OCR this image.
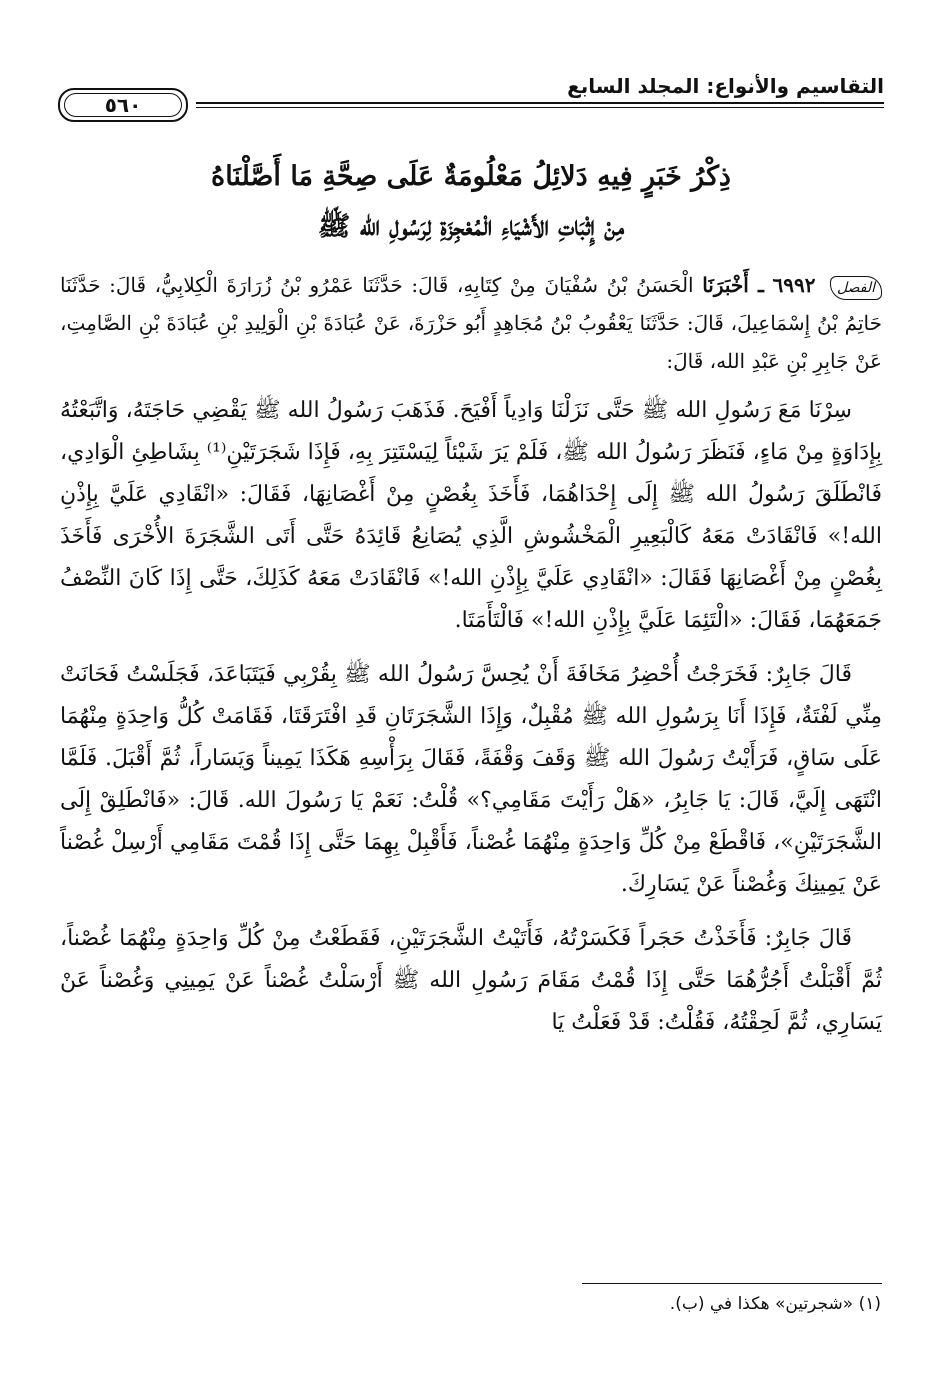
التقاسيم والأنواع: المجلد السابع
٥٦٠
ذِكْرُ خَبَرٍ فِيهِ دَلائِلُ مَعْلُومَةٌ عَلَى صِحَّةِ مَا أَصَّلْنَاهُ
مِنْ إِثْبَاتِ الأَشْيَاءِ الْمُعْجِزَةِ لِرَسُولِ الله ﷺ

الفصل ٦٩٩٢ ـ أَخْبَرَنَا الْحَسَنُ بْنُ سُفْيَانَ مِنْ كِتَابِهِ، قَالَ: حَدَّثَنَا عَمْرُو بْنُ زُرَارَةَ الْكِلابِيُّ، قَالَ: حَدَّثَنَا حَاتِمُ بْنُ إِسْمَاعِيلَ، قَالَ: حَدَّثَنَا يَعْقُوبُ بْنُ مُجَاهِدٍ أَبُو حَزْرَةَ، عَنْ عُبَادَةَ بْنِ الْوَلِيدِ بْنِ عُبَادَةَ بْنِ الصَّامِتِ، عَنْ جَابِرِ بْنِ عَبْدِ الله، قَالَ:

سِرْنَا مَعَ رَسُولِ الله ﷺ حَتَّى نَزَلْنَا وَادِياً أَفْيَحَ. فَذَهَبَ رَسُولُ الله ﷺ يَقْضِي حَاجَتَهُ، وَاتَّبَعْتُهُ بِإِدَاوَةٍ مِنْ مَاءٍ، فَنَظَرَ رَسُولُ الله ﷺ، فَلَمْ يَرَ شَيْئاً لِيَسْتَتِرَ بِهِ، فَإِذَا شَجَرَتَيْنِ⁽¹⁾ بِشَاطِئِ الْوَادِي، فَانْطَلَقَ رَسُولُ الله ﷺ إِلَى إِحْدَاهُمَا، فَأَخَذَ بِغُصْنٍ مِنْ أَغْصَانِهَا، فَقَالَ: «انْقَادِي عَلَيَّ بِإِذْنِ الله!» فَانْقَادَتْ مَعَهُ كَالْبَعِيرِ الْمَخْشُوشِ الَّذِي يُصَانِعُ قَائِدَهُ حَتَّى أَتَى الشَّجَرَةَ الأُخْرَى فَأَخَذَ بِغُصْنٍ مِنْ أَغْصَانِهَا فَقَالَ: «انْقَادِي عَلَيَّ بِإِذْنِ الله!» فَانْقَادَتْ مَعَهُ كَذَلِكَ، حَتَّى إِذَا كَانَ النِّصْفُ جَمَعَهُمَا، فَقَالَ: «الْتَئِمَا عَلَيَّ بِإِذْنِ الله!» فَالْتَأَمَتَا.

قَالَ جَابِرٌ: فَخَرَجْتُ أُحْضِرُ مَخَافَةَ أَنْ يُحِسَّ رَسُولُ الله ﷺ بِقُرْبِي فَيَتَبَاعَدَ، فَجَلَسْتُ فَحَانَتْ مِنِّي لَفْتَةٌ، فَإِذَا أَنَا بِرَسُولِ الله ﷺ مُقْبِلٌ، وَإِذَا الشَّجَرَتَانِ قَدِ افْتَرَقَتَا، فَقَامَتْ كُلُّ وَاحِدَةٍ مِنْهُمَا عَلَى سَاقٍ، فَرَأَيْتُ رَسُولَ الله ﷺ وَقَفَ وَقْفَةً، فَقَالَ بِرَأْسِهِ هَكَذَا يَمِيناً وَيَسَاراً، ثُمَّ أَقْبَلَ. فَلَمَّا انْتَهَى إِلَيَّ، قَالَ: يَا جَابِرُ، «هَلْ رَأَيْتَ مَقَامِي؟» قُلْتُ: نَعَمْ يَا رَسُولَ الله. قَالَ: «فَانْطَلِقْ إِلَى الشَّجَرَتَيْنِ»، فَاقْطَعْ مِنْ كُلِّ وَاحِدَةٍ مِنْهُمَا غُصْناً، فَأَقْبِلْ بِهِمَا حَتَّى إِذَا قُمْتَ مَقَامِي أَرْسِلْ غُصْناً عَنْ يَمِينِكَ وَغُصْناً عَنْ يَسَارِكَ.

قَالَ جَابِرٌ: فَأَخَذْتُ حَجَراً فَكَسَرْتُهُ، فَأَتَيْتُ الشَّجَرَتَيْنِ، فَقَطَعْتُ مِنْ كُلِّ وَاحِدَةٍ مِنْهُمَا غُصْناً، ثُمَّ أَقْبَلْتُ أَجُرُّهُمَا حَتَّى إِذَا قُمْتُ مَقَامَ رَسُولِ الله ﷺ أَرْسَلْتُ غُصْناً عَنْ يَمِينِي وَغُصْناً عَنْ يَسَارِي، ثُمَّ لَحِقْتُهُ، فَقُلْتُ: قَدْ فَعَلْتُ يَا

(١) «شجرتين» هكذا في (ب).
